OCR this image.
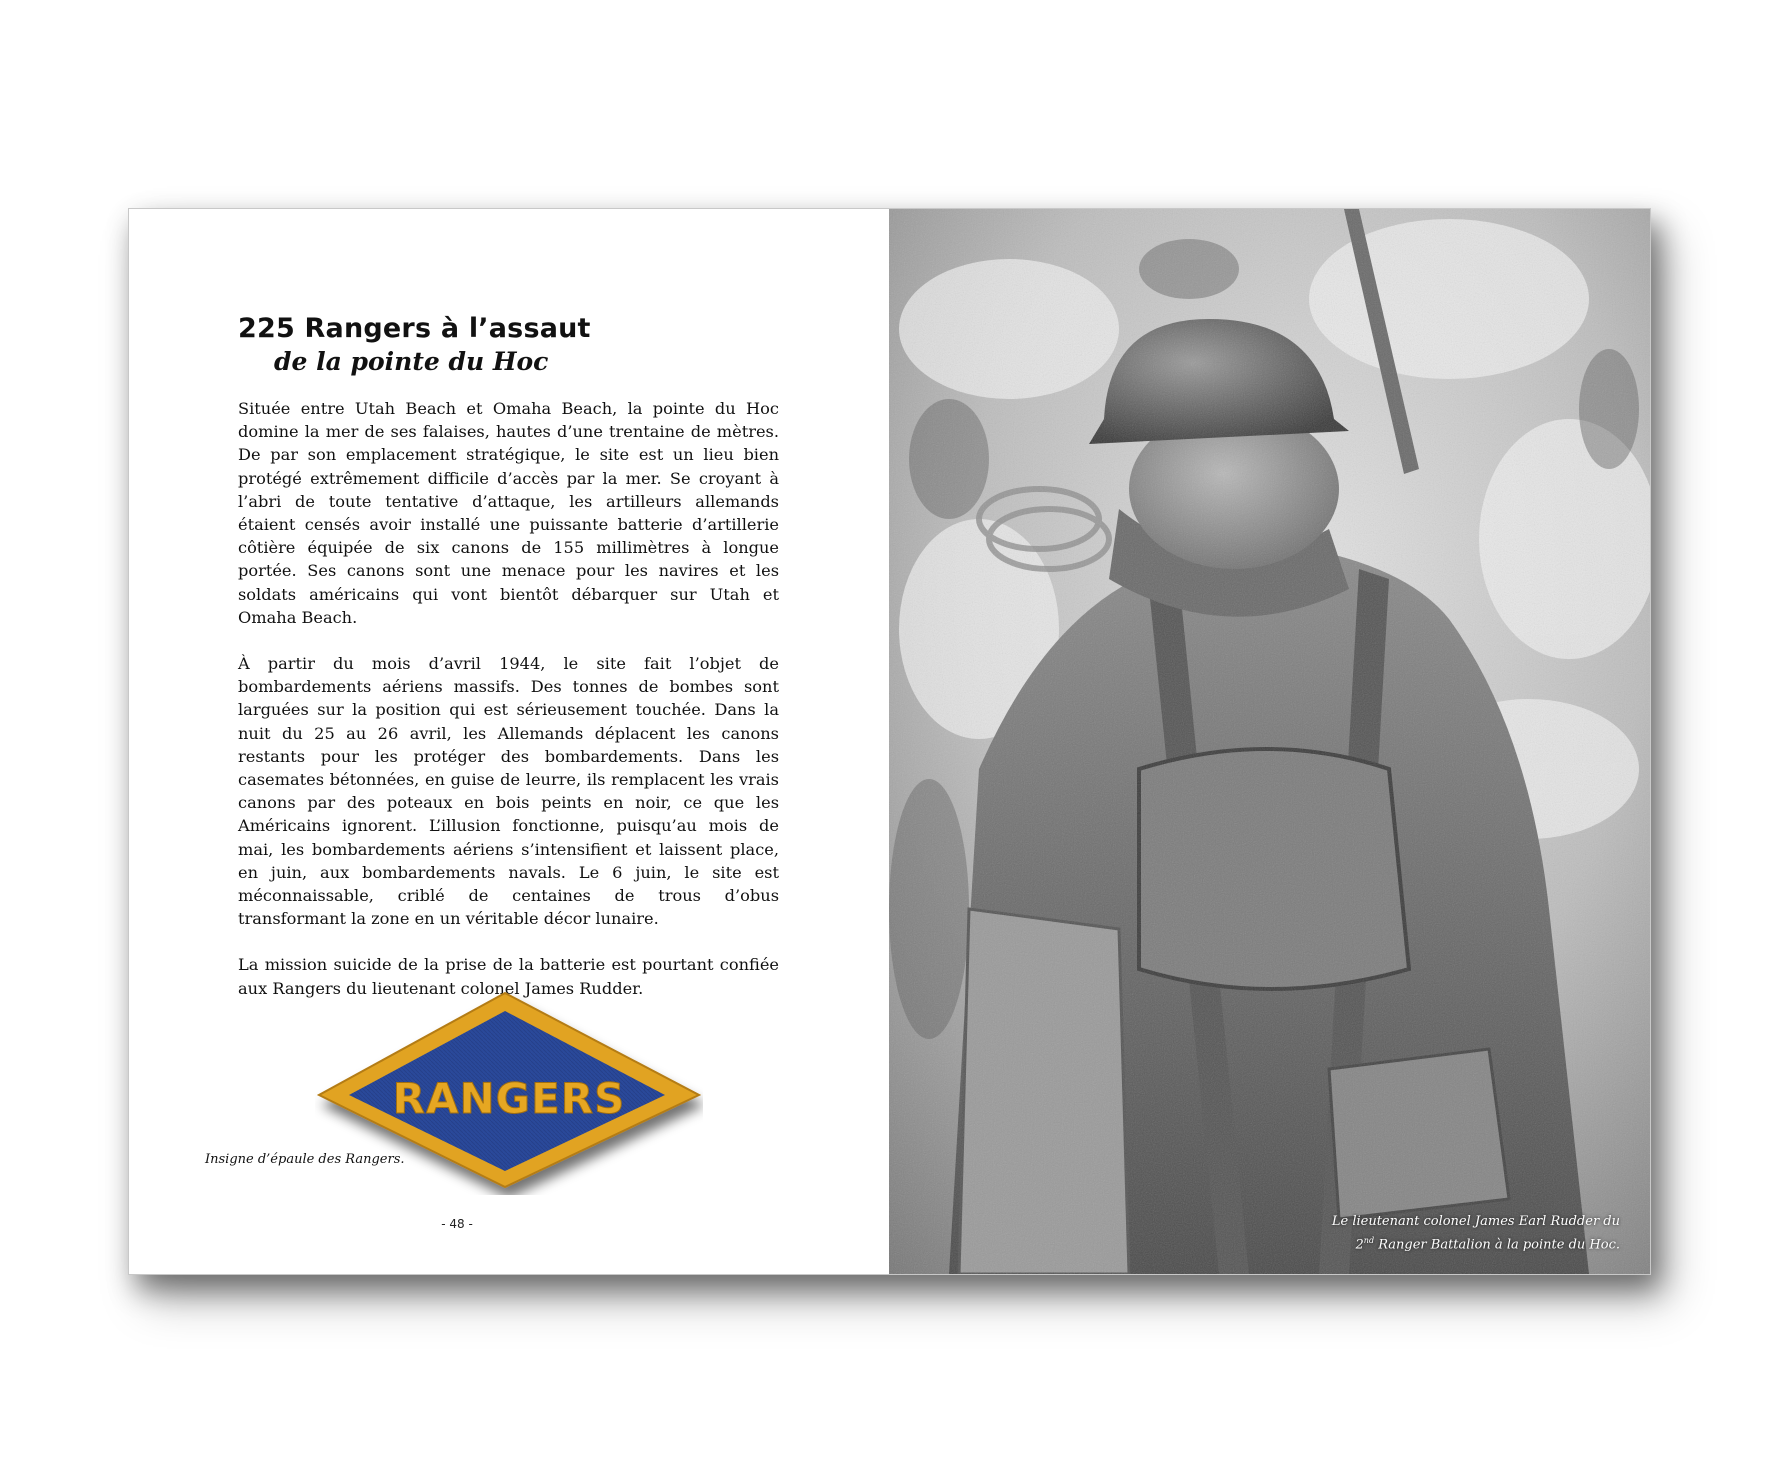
225 Rangers à l’assaut
de la pointe du Hoc

Située entre Utah Beach et Omaha Beach, la pointe du Hoc domine la mer de ses falaises, hautes d’une trentaine de mètres. De par son emplacement stratégique, le site est un lieu bien protégé extrêmement difficile d’accès par la mer. Se croyant à l’abri de toute tentative d’attaque, les artilleurs allemands étaient censés avoir installé une puissante batterie d’artillerie côtière équipée de six canons de 155 millimètres à longue portée. Ses canons sont une menace pour les navires et les soldats américains qui vont bientôt débarquer sur Utah et Omaha Beach.

À partir du mois d’avril 1944, le site fait l’objet de bombardements aériens massifs. Des tonnes de bombes sont larguées sur la position qui est sérieusement touchée. Dans la nuit du 25 au 26 avril, les Allemands déplacent les canons restants pour les protéger des bombardements. Dans les casemates bétonnées, en guise de leurre, ils remplacent les vrais canons par des poteaux en bois peints en noir, ce que les Américains ignorent. L’illusion fonctionne, puisqu’au mois de mai, les bombardements aériens s’intensifient et laissent place, en juin, aux bombardements navals. Le 6 juin, le site est méconnaissable, criblé de centaines de trous d’obus transformant la zone en un véritable décor lunaire.

La mission suicide de la prise de la batterie est pourtant confiée aux Rangers du lieutenant colonel James Rudder.

RANGERS
Insigne d’épaule des Rangers.
- 48 -	Le lieutenant colonel James Earl Rudder du
2nd Ranger Battalion à la pointe du Hoc.
